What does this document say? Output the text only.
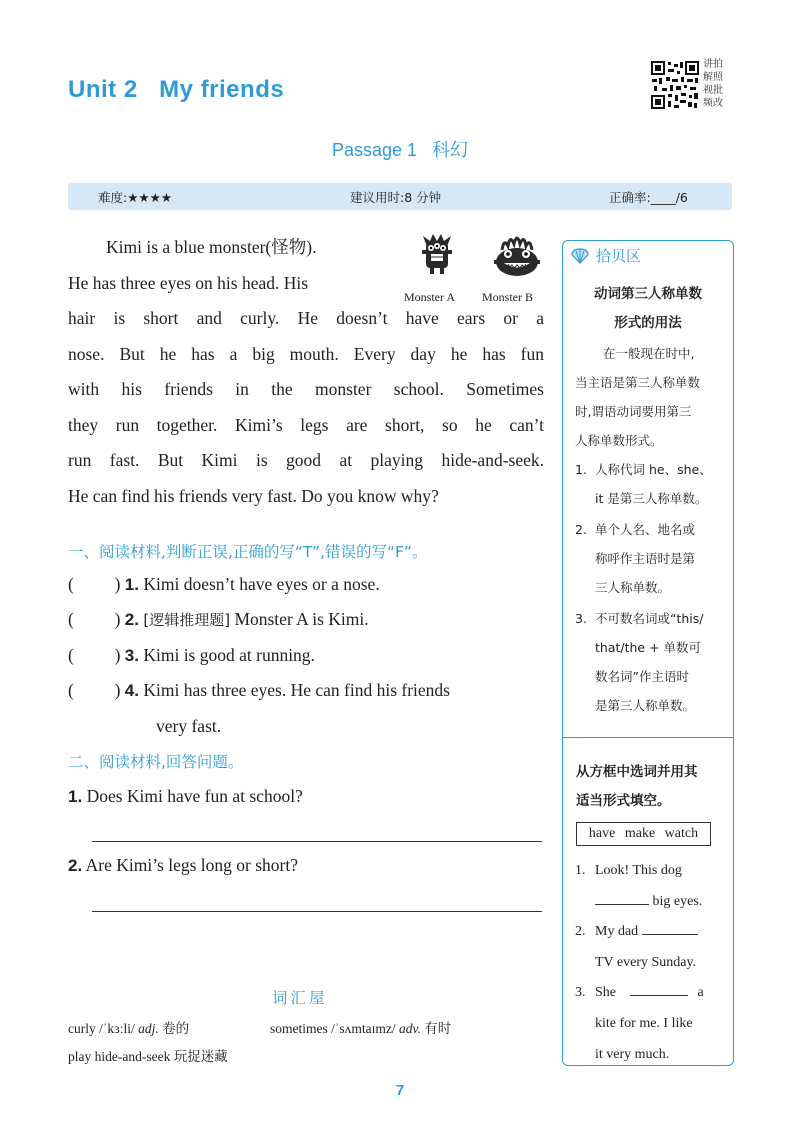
Unit 2   My friends
讲拍
解照
视批
频改
Passage 1   科幻
难度:★★★★	建议用时:8 分钟	正确率:____/6

Kimi is a blue monster(怪物).

He has three eyes on his head. His

hair is short and curly. He doesn’t have ears or a

nose. But he has a big mouth. Every day he has fun

with his friends in the monster school. Sometimes

they run together. Kimi’s legs are short, so he can’t

run fast. But Kimi is good at playing hide-and-seek.

He can find his friends very fast. Do you know why?

Monster A Monster B
一、阅读材料,判断正误,正确的写“T”,错误的写“F”。
( ) 1. Kimi doesn’t have eyes or a nose.
( ) 2. [逻辑推理题] Monster A is Kimi.
( ) 3. Kimi is good at running.
( ) 4. Kimi has three eyes. He can find his friends
very fast.
二、阅读材料,回答问题。
1. Does Kimi have fun at school?
2. Are Kimi’s legs long or short?
词汇屋
curly /ˈkɜːli/ adj. 卷的	sometimes /ˈsʌmtaɪmz/ adv. 有时
play hide-and-seek 玩捉迷藏
拾贝区
动词第三人称单数
形式的用法
在一般现在时中,
当主语是第三人称单数
时,谓语动词要用第三
人称单数形式。
1. 人称代词 he、she、
it 是第三人称单数。
2. 单个人名、地名或
称呼作主语时是第
三人称单数。
3. 不可数名词或“this/
that/the + 单数可
数名词”作主语时
是第三人称单数。
从方框中选词并用其
适当形式填空。
have make watch
1. Look! This dog
big eyes.
2. My dad
TV every Sunday.
3. She	a
kite for me. I like
it very much.
7
